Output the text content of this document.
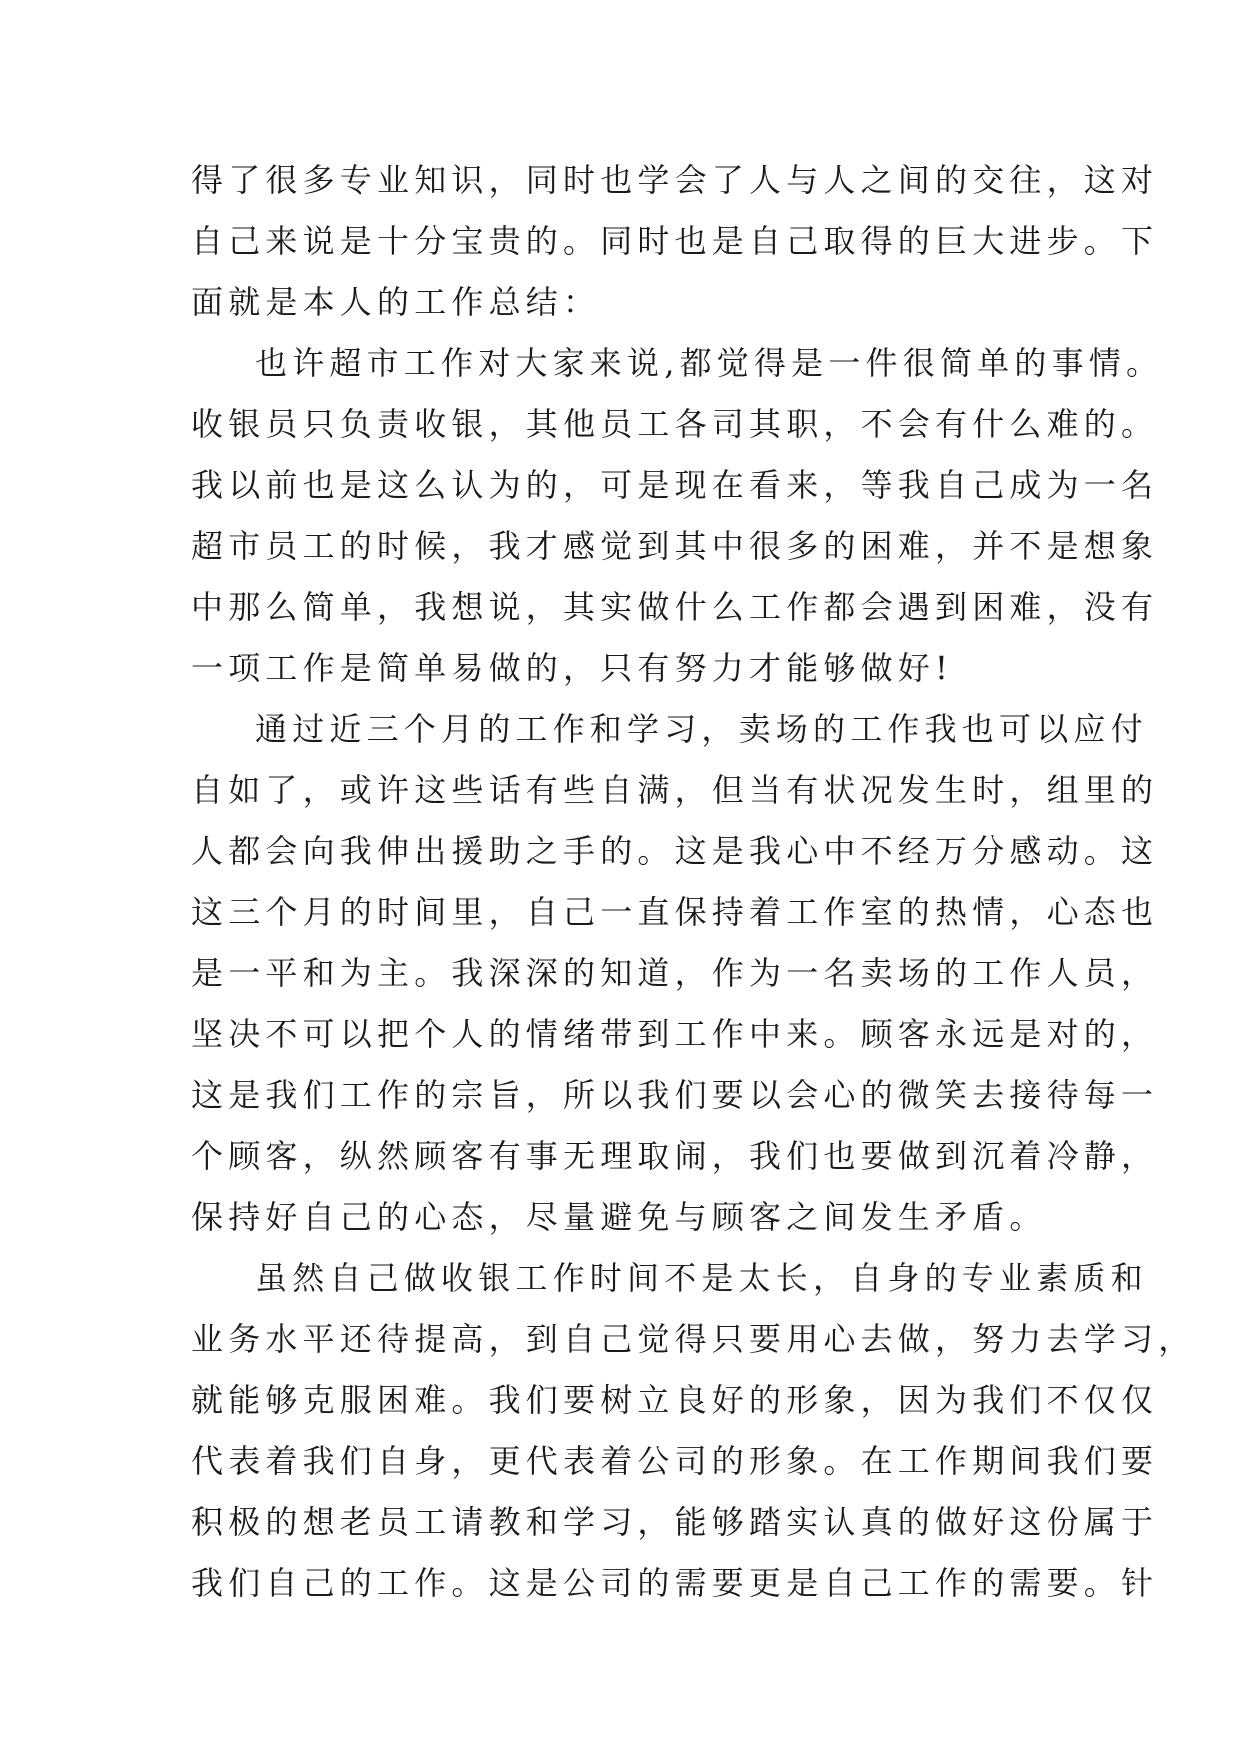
得了很多专业知识，同时也学会了人与人之间的交往，这对
自己来说是十分宝贵的。同时也是自己取得的巨大进步。下
面就是本人的工作总结：
也许超市工作对大家来说,都觉得是一件很简单的事情。
收银员只负责收银，其他员工各司其职，不会有什么难的。
我以前也是这么认为的，可是现在看来，等我自己成为一名
超市员工的时候，我才感觉到其中很多的困难，并不是想象
中那么简单，我想说，其实做什么工作都会遇到困难，没有
一项工作是简单易做的，只有努力才能够做好!
通过近三个月的工作和学习，卖场的工作我也可以应付
自如了，或许这些话有些自满，但当有状况发生时，组里的
人都会向我伸出援助之手的。这是我心中不经万分感动。这
这三个月的时间里，自己一直保持着工作室的热情，心态也
是一平和为主。我深深的知道，作为一名卖场的工作人员，
坚决不可以把个人的情绪带到工作中来。顾客永远是对的，
这是我们工作的宗旨，所以我们要以会心的微笑去接待每一
个顾客，纵然顾客有事无理取闹，我们也要做到沉着冷静，
保持好自己的心态，尽量避免与顾客之间发生矛盾。
虽然自己做收银工作时间不是太长，自身的专业素质和
业务水平还待提高，到自己觉得只要用心去做，努力去学习，
就能够克服困难。我们要树立良好的形象，因为我们不仅仅
代表着我们自身，更代表着公司的形象。在工作期间我们要
积极的想老员工请教和学习，能够踏实认真的做好这份属于
我们自己的工作。这是公司的需要更是自己工作的需要。针
